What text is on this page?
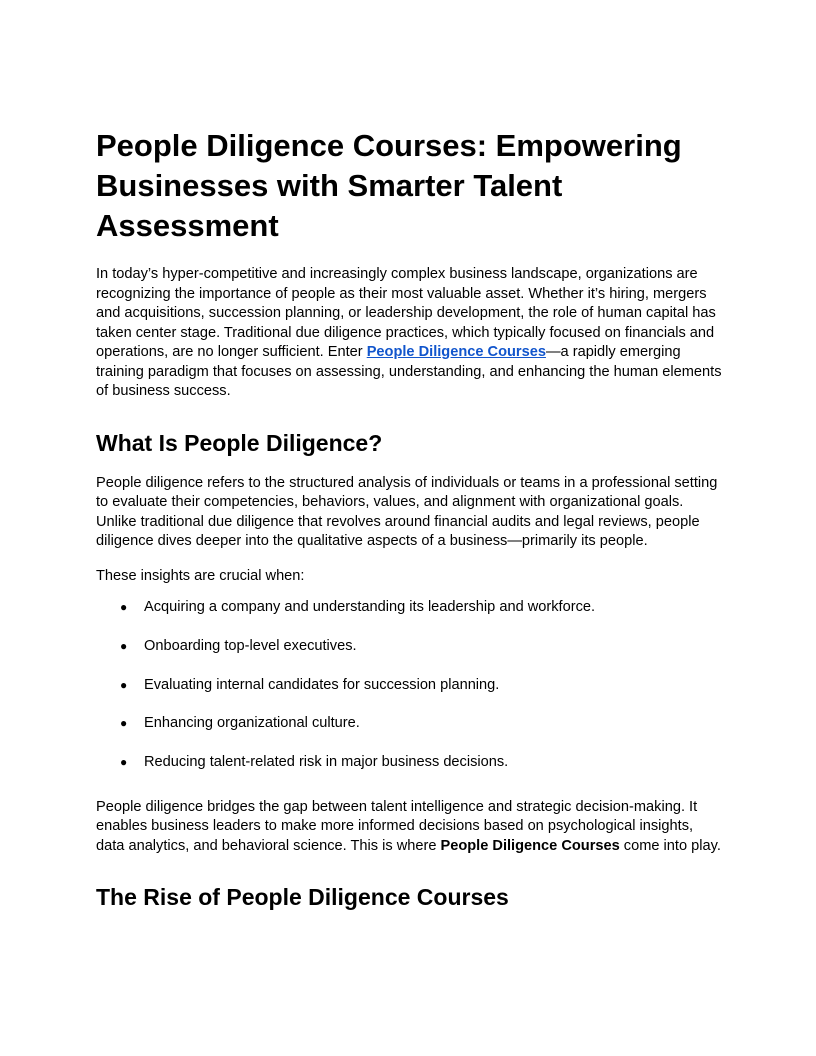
People Diligence Courses: Empowering Businesses with Smarter Talent Assessment

In today’s hyper-competitive and increasingly complex business landscape, organizations are recognizing the importance of people as their most valuable asset. Whether it’s hiring, mergers and acquisitions, succession planning, or leadership development, the role of human capital has taken center stage. Traditional due diligence practices, which typically focused on financials and operations, are no longer sufficient. Enter People Diligence Courses—a rapidly emerging training paradigm that focuses on assessing, understanding, and enhancing the human elements of business success.

What Is People Diligence?

People diligence refers to the structured analysis of individuals or teams in a professional setting to evaluate their competencies, behaviors, values, and alignment with organizational goals. Unlike traditional due diligence that revolves around financial audits and legal reviews, people diligence dives deeper into the qualitative aspects of a business—primarily its people.

These insights are crucial when:

● Acquiring a company and understanding its leadership and workforce.
● Onboarding top-level executives.
● Evaluating internal candidates for succession planning.
● Enhancing organizational culture.
● Reducing talent-related risk in major business decisions.

People diligence bridges the gap between talent intelligence and strategic decision-making. It enables business leaders to make more informed decisions based on psychological insights, data analytics, and behavioral science. This is where People Diligence Courses come into play.

The Rise of People Diligence Courses
